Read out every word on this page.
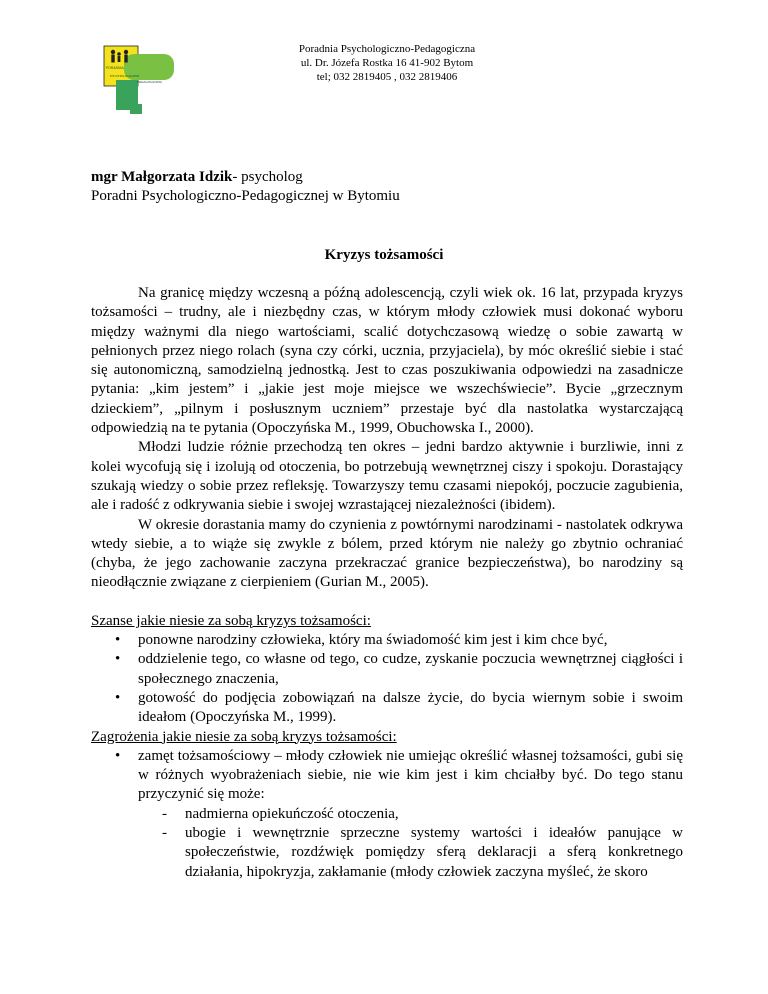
PORADNIA
PSYCHOLOGICZNO
PEDAGOGICZNA
Poradnia Psychologiczno-Pedagogiczna
ul. Dr. Józefa Rostka 16 41-902 Bytom
tel; 032 2819405 , 032 2819406
mgr Małgorzata Idzik- psycholog
Poradni Psychologiczno-Pedagogicznej w Bytomiu
Kryzys tożsamości

Na granicę między wczesną a późną adolescencją, czyli wiek ok. 16 lat, przypada kryzys tożsamości – trudny, ale i niezbędny czas, w którym młody człowiek musi dokonać wyboru między ważnymi dla niego wartościami, scalić dotychczasową wiedzę o sobie zawartą w pełnionych przez niego rolach (syna czy córki, ucznia, przyjaciela), by móc określić siebie i stać się autonomiczną, samodzielną jednostką. Jest to czas poszukiwania odpowiedzi na zasadnicze pytania: „kim jestem” i „jakie jest moje miejsce we wszechświecie”. Bycie „grzecznym dzieckiem”, „pilnym i posłusznym uczniem” przestaje być dla nastolatka wystarczającą odpowiedzią na te pytania (Opoczyńska M., 1999, Obuchowska I., 2000).

Młodzi ludzie różnie przechodzą ten okres – jedni bardzo aktywnie i burzliwie, inni z kolei wycofują się i izolują od otoczenia, bo potrzebują wewnętrznej ciszy i spokoju. Dorastający szukają wiedzy o sobie przez refleksję. Towarzyszy temu czasami niepokój, poczucie zagubienia, ale i radość z odkrywania siebie i swojej wzrastającej niezależności (ibidem).

W okresie dorastania mamy do czynienia z powtórnymi narodzinami - nastolatek odkrywa wtedy siebie, a to wiąże się zwykle z bólem, przed którym nie należy go zbytnio ochraniać (chyba, że jego zachowanie zaczyna przekraczać granice bezpieczeństwa), bo narodziny są nieodłącznie związane z cierpieniem (Gurian M., 2005).

Szanse jakie niesie za sobą kryzys tożsamości:

• ponowne narodziny człowieka, który ma świadomość kim jest i kim chce być,
• oddzielenie tego, co własne od tego, co cudze, zyskanie poczucia wewnętrznej ciągłości i społecznego znaczenia,
• gotowość do podjęcia zobowiązań na dalsze życie, do bycia wiernym sobie i swoim ideałom (Opoczyńska M., 1999).

Zagrożenia jakie niesie za sobą kryzys tożsamości:

• zamęt tożsamościowy – młody człowiek nie umiejąc określić własnej tożsamości, gubi się w różnych wyobrażeniach siebie, nie wie kim jest i kim chciałby być. Do tego stanu przyczynić się może:
- nadmierna opiekuńczość otoczenia,
- ubogie i wewnętrznie sprzeczne systemy wartości i ideałów panujące w społeczeństwie, rozdźwięk pomiędzy sferą deklaracji a sferą konkretnego działania, hipokryzja, zakłamanie (młody człowiek zaczyna myśleć, że skoro
